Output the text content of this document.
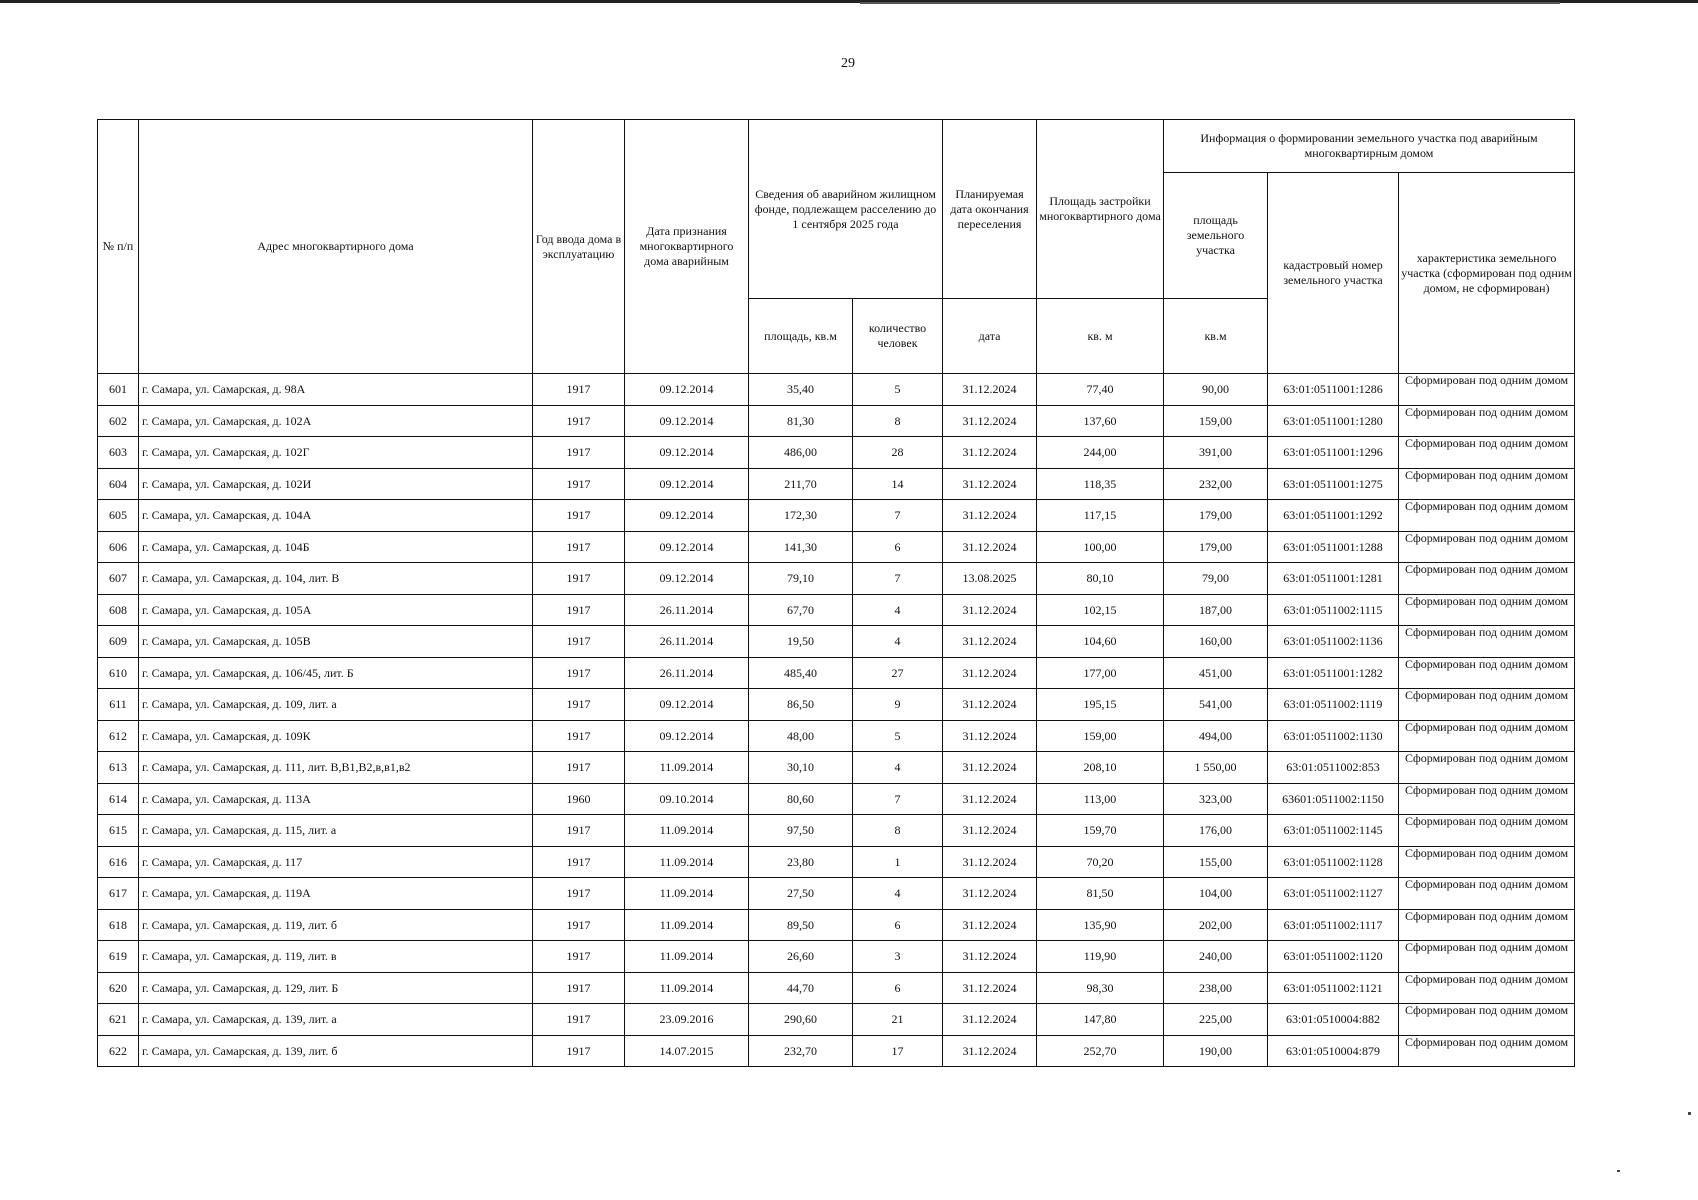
29
№ п/п	Адрес многоквартирного дома	Год ввода дома в эксплуатацию	Дата признания многоквартирного дома аварийным	Сведения об аварийном жилищном фонде, подлежащем расселению до 1 сентября 2025 года		Планируемая дата окончания переселения	Площадь застройки многоквартирного дома	Информация о формировании земельного участка под аварийным многоквартирным домом		
								площадь земельного участка	кадастровый номер земельного участка	характеристика земельного участка (сформирован под одним домом, не сформирован)
				площадь, кв.м	количество человек	дата	кв. м	кв.м		
601	г. Самара, ул. Самарская, д. 98А	1917	09.12.2014	35,40	5	31.12.2024	77,40	90,00	63:01:0511001:1286	Сформирован под одним домом
602	г. Самара, ул. Самарская, д. 102А	1917	09.12.2014	81,30	8	31.12.2024	137,60	159,00	63:01:0511001:1280	Сформирован под одним домом
603	г. Самара, ул. Самарская, д. 102Г	1917	09.12.2014	486,00	28	31.12.2024	244,00	391,00	63:01:0511001:1296	Сформирован под одним домом
604	г. Самара, ул. Самарская, д. 102И	1917	09.12.2014	211,70	14	31.12.2024	118,35	232,00	63:01:0511001:1275	Сформирован под одним домом
605	г. Самара, ул. Самарская, д. 104А	1917	09.12.2014	172,30	7	31.12.2024	117,15	179,00	63:01:0511001:1292	Сформирован под одним домом
606	г. Самара, ул. Самарская, д. 104Б	1917	09.12.2014	141,30	6	31.12.2024	100,00	179,00	63:01:0511001:1288	Сформирован под одним домом
607	г. Самара, ул. Самарская, д. 104, лит. В	1917	09.12.2014	79,10	7	13.08.2025	80,10	79,00	63:01:0511001:1281	Сформирован под одним домом
608	г. Самара, ул. Самарская, д. 105А	1917	26.11.2014	67,70	4	31.12.2024	102,15	187,00	63:01:0511002:1115	Сформирован под одним домом
609	г. Самара, ул. Самарская, д. 105В	1917	26.11.2014	19,50	4	31.12.2024	104,60	160,00	63:01:0511002:1136	Сформирован под одним домом
610	г. Самара, ул. Самарская, д. 106/45, лит. Б	1917	26.11.2014	485,40	27	31.12.2024	177,00	451,00	63:01:0511001:1282	Сформирован под одним домом
611	г. Самара, ул. Самарская, д. 109, лит. а	1917	09.12.2014	86,50	9	31.12.2024	195,15	541,00	63:01:0511002:1119	Сформирован под одним домом
612	г. Самара, ул. Самарская, д. 109К	1917	09.12.2014	48,00	5	31.12.2024	159,00	494,00	63:01:0511002:1130	Сформирован под одним домом
613	г. Самара, ул. Самарская, д. 111, лит. В,В1,В2,в,в1,в2	1917	11.09.2014	30,10	4	31.12.2024	208,10	1 550,00	63:01:0511002:853	Сформирован под одним домом
614	г. Самара, ул. Самарская, д. 113А	1960	09.10.2014	80,60	7	31.12.2024	113,00	323,00	63601:0511002:1150	Сформирован под одним домом
615	г. Самара, ул. Самарская, д. 115, лит. а	1917	11.09.2014	97,50	8	31.12.2024	159,70	176,00	63:01:0511002:1145	Сформирован под одним домом
616	г. Самара, ул. Самарская, д. 117	1917	11.09.2014	23,80	1	31.12.2024	70,20	155,00	63:01:0511002:1128	Сформирован под одним домом
617	г. Самара, ул. Самарская, д. 119А	1917	11.09.2014	27,50	4	31.12.2024	81,50	104,00	63:01:0511002:1127	Сформирован под одним домом
618	г. Самара, ул. Самарская, д. 119, лит. б	1917	11.09.2014	89,50	6	31.12.2024	135,90	202,00	63:01:0511002:1117	Сформирован под одним домом
619	г. Самара, ул. Самарская, д. 119, лит. в	1917	11.09.2014	26,60	3	31.12.2024	119,90	240,00	63:01:0511002:1120	Сформирован под одним домом
620	г. Самара, ул. Самарская, д. 129, лит. Б	1917	11.09.2014	44,70	6	31.12.2024	98,30	238,00	63:01:0511002:1121	Сформирован под одним домом
621	г. Самара, ул. Самарская, д. 139, лит. а	1917	23.09.2016	290,60	21	31.12.2024	147,80	225,00	63:01:0510004:882	Сформирован под одним домом
622	г. Самара, ул. Самарская, д. 139, лит. б	1917	14.07.2015	232,70	17	31.12.2024	252,70	190,00	63:01:0510004:879	Сформирован под одним домом
